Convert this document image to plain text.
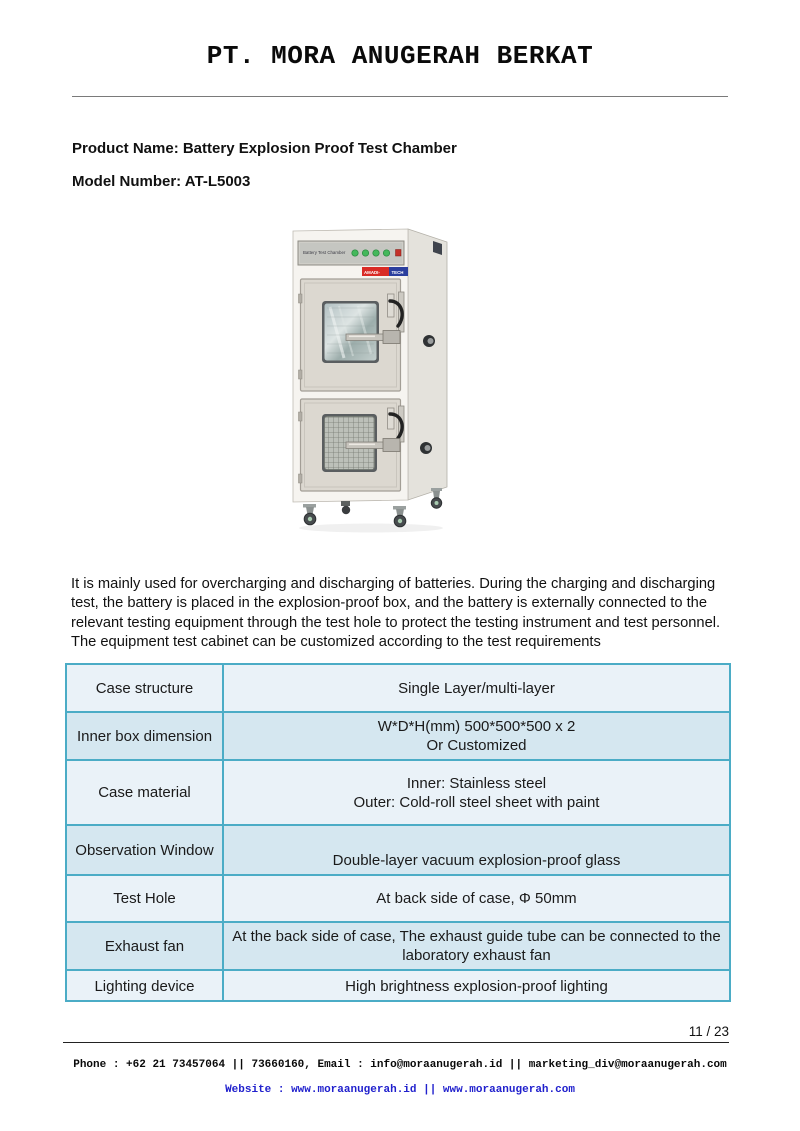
PT. MORA ANUGERAH BERKAT
Product Name: Battery Explosion Proof Test Chamber
Model Number: AT-L5003
Battery Test Chamber
AMADI-	TECH
It is mainly used for overcharging and discharging of batteries. During the charging and discharging test, the battery is placed in the explosion-proof box, and the battery is externally connected to the relevant testing equipment through the test hole to protect the testing instrument and test personnel. The equipment test cabinet can be customized according to the test requirements
Case structure	Single Layer/multi-layer

Inner box dimension	W*D*H(mm) 500*500*500 x 2
Or Customized

Case material	Inner: Stainless steel
Outer: Cold-roll steel sheet with paint

Observation Window	Double-layer vacuum explosion-proof glass

Test Hole	At back side of case, Φ 50mm

Exhaust fan	At the back side of case, The exhaust guide tube can be connected to the laboratory exhaust fan

Lighting device	High brightness explosion-proof lighting
11 / 23
Phone : +62 21 73457064 || 73660160, Email : info@moraanugerah.id || marketing_div@moraanugerah.com
Website : www.moraanugerah.id || www.moraanugerah.com
